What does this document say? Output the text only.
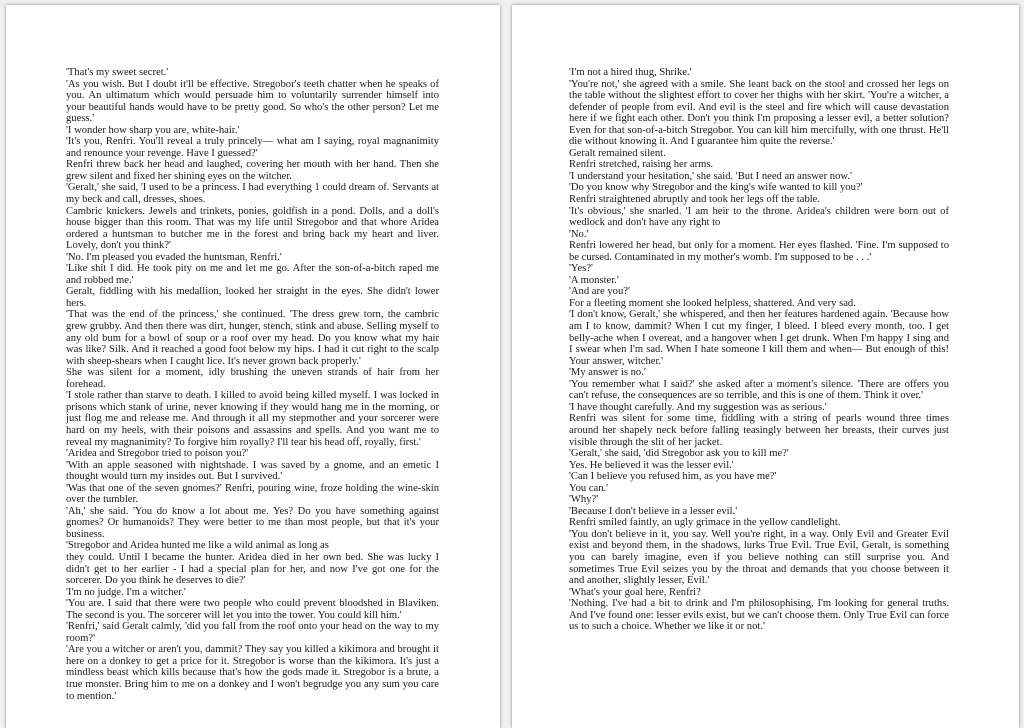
'That's my sweet secret.'

'As you wish. But I doubt it'll be effective. Stregobor's teeth chatter when he speaks of you. An ultimatum which would persuade him to voluntarily surrender himself into your beautiful hands would have to be pretty good. So who's the other person? Let me guess.'

'I wonder how sharp you are, white-hair.'

'It's you, Renfri. You'll reveal a truly princely— what am I saying, royal magnanimity and renounce your revenge. Have I guessed?'

Renfri threw back her head and laughed, covering her mouth with her hand. Then she grew silent and fixed her shining eyes on the witcher.

'Geralt,' she said, 'I used to be a princess. I had everything 1 could dream of. Servants at my beck and call, dresses, shoes.

Cambric knickers. Jewels and trinkets, ponies, goldfish in a pond. Dolls, and a doll's house bigger than this room. That was my life until Stregobor and that whore Aridea ordered a huntsman to butcher me in the forest and bring back my heart and liver. Lovely, don't you think?'

'No. I'm pleased you evaded the huntsman, Renfri.'

'Like shit I did. He took pity on me and let me go. After the son-of-a-bitch raped me and robbed me.'

Geralt, fiddling with his medallion, looked her straight in the eyes. She didn't lower hers.

'That was the end of the princess,' she continued. 'The dress grew torn, the cambric grew grubby. And then there was dirt, hunger, stench, stink and abuse. Selling myself to any old bum for a bowl of soup or a roof over my head. Do you know what my hair was like? Silk. And it reached a good foot below my hips. I had it cut right to the scalp with sheep-shears when I caught lice. It's never grown back properly.'

She was silent for a moment, idly brushing the uneven strands of hair from her forehead.

'I stole rather than starve to death. I killed to avoid being killed myself. I was locked in prisons which stank of urine, never knowing if they would hang me in the morning, or just flog me and release me. And through it all my stepmother and your sorcerer were hard on my heels, with their poisons and assassins and spells. And you want me to reveal my magnanimity? To forgive him royally? I'll tear his head off, royally, first.'

'Aridea and Stregobor tried to poison you?'

'With an apple seasoned with nightshade. I was saved by a gnome, and an emetic I thought would turn my insides out. But I survived.'

'Was that one of the seven gnomes?' Renfri, pouring wine, froze holding the wine-skin over the tumbler.

'Ah,' she said. 'You do know a lot about me. Yes? Do you have something against gnomes? Or humanoids? They were better to me than most people, but that it's your business.

'Stregobor and Aridea hunted me like a wild animal as long as

they could. Until I became the hunter. Aridea died in her own bed. She was lucky I didn't get to her earlier - I had a special plan for her, and now I've got one for the sorcerer. Do you think he deserves to die?'

'I'm no judge. I'm a witcher.'

'You are. I said that there were two people who could prevent bloodshed in Blaviken. The second is you. The sorcerer will let you into the tower. You could kill him.'

'Renfri,' said Geralt calmly, 'did you fall from the roof onto your head on the way to my room?'

'Are you a witcher or aren't you, dammit? They say you killed a kikimora and brought it here on a donkey to get a price for it. Stregobor is worse than the kikimora. It's just a mindless beast which kills because that's how the gods made it. Stregobor is a brute, a true monster. Bring him to me on a donkey and I won't begrudge you any sum you care to mention.'

'I'm not a hired thug, Shrike.'

'You're not,' she agreed with a smile. She leant back on the stool and crossed her legs on the table without the slightest effort to cover her thighs with her skirt. 'You're a witcher, a defender of people from evil. And evil is the steel and fire which will cause devastation here if we fight each other. Don't you think I'm proposing a lesser evil, a better solution? Even for that son-of-a-bitch Stregobor. You can kill him mercifully, with one thrust. He'll die without knowing it. And I guarantee him quite the reverse.'

Geralt remained silent.

Renfri stretched, raising her arms.

'I understand your hesitation,' she said. 'But I need an answer now.'

'Do you know why Stregobor and the king's wife wanted to kill you?'

Renfri straightened abruptly and took her legs off the table.

'It's obvious,' she snarled. 'I am heir to the throne. Aridea's children were born out of wedlock and don't have any right to

'No.'

Renfri lowered her head, but only for a moment. Her eyes flashed. 'Fine. I'm supposed to be cursed. Contaminated in my mother's womb. I'm supposed to be . . .'

'Yes?'

'A monster.'

'And are you?'

For a fleeting moment she looked helpless, shattered. And very sad.

'I don't know, Geralt,' she whispered, and then her features hardened again. 'Because how am I to know, dammit? When I cut my finger, I bleed. I bleed every month, too. I get belly-ache when I overeat, and a hangover when I get drunk. When I'm happy I sing and I swear when I'm sad. When I hate someone I kill them and when— But enough of this! Your answer, witcher.'

'My answer is no.'

'You remember what I said?' she asked after a moment's silence. 'There are offers you can't refuse, the consequences are so terrible, and this is one of them. Think it over.'

'I have thought carefully. And my suggestion was as serious.'

Renfri was silent for some time, fiddling with a string of pearls wound three times around her shapely neck before falling teasingly between her breasts, their curves just visible through the slit of her jacket.

'Geralt,' she said, 'did Stregobor ask you to kill me?'

Yes. He believed it was the lesser evil.'

'Can I believe you refused him, as you have me?'

You can.'

'Why?'

'Because I don't believe in a lesser evil.'

Renfri smiled faintly, an ugly grimace in the yellow candlelight.

'You don't believe in it, you say. Well you're right, in a way. Only Evil and Greater Evil exist and beyond them, in the shadows, lurks True Evil. True Evil, Geralt, is something you can barely imagine, even if you believe nothing can still surprise you. And sometimes True Evil seizes you by the throat and demands that you choose between it and another, slightly lesser, Evil.'

'What's your goal here, Renfri?

'Nothing. I've had a bit to drink and I'm philosophising, I'm looking for general truths. And I've found one: lesser evils exist, but we can't choose them. Only True Evil can force us to such a choice. Whether we like it or not.'
